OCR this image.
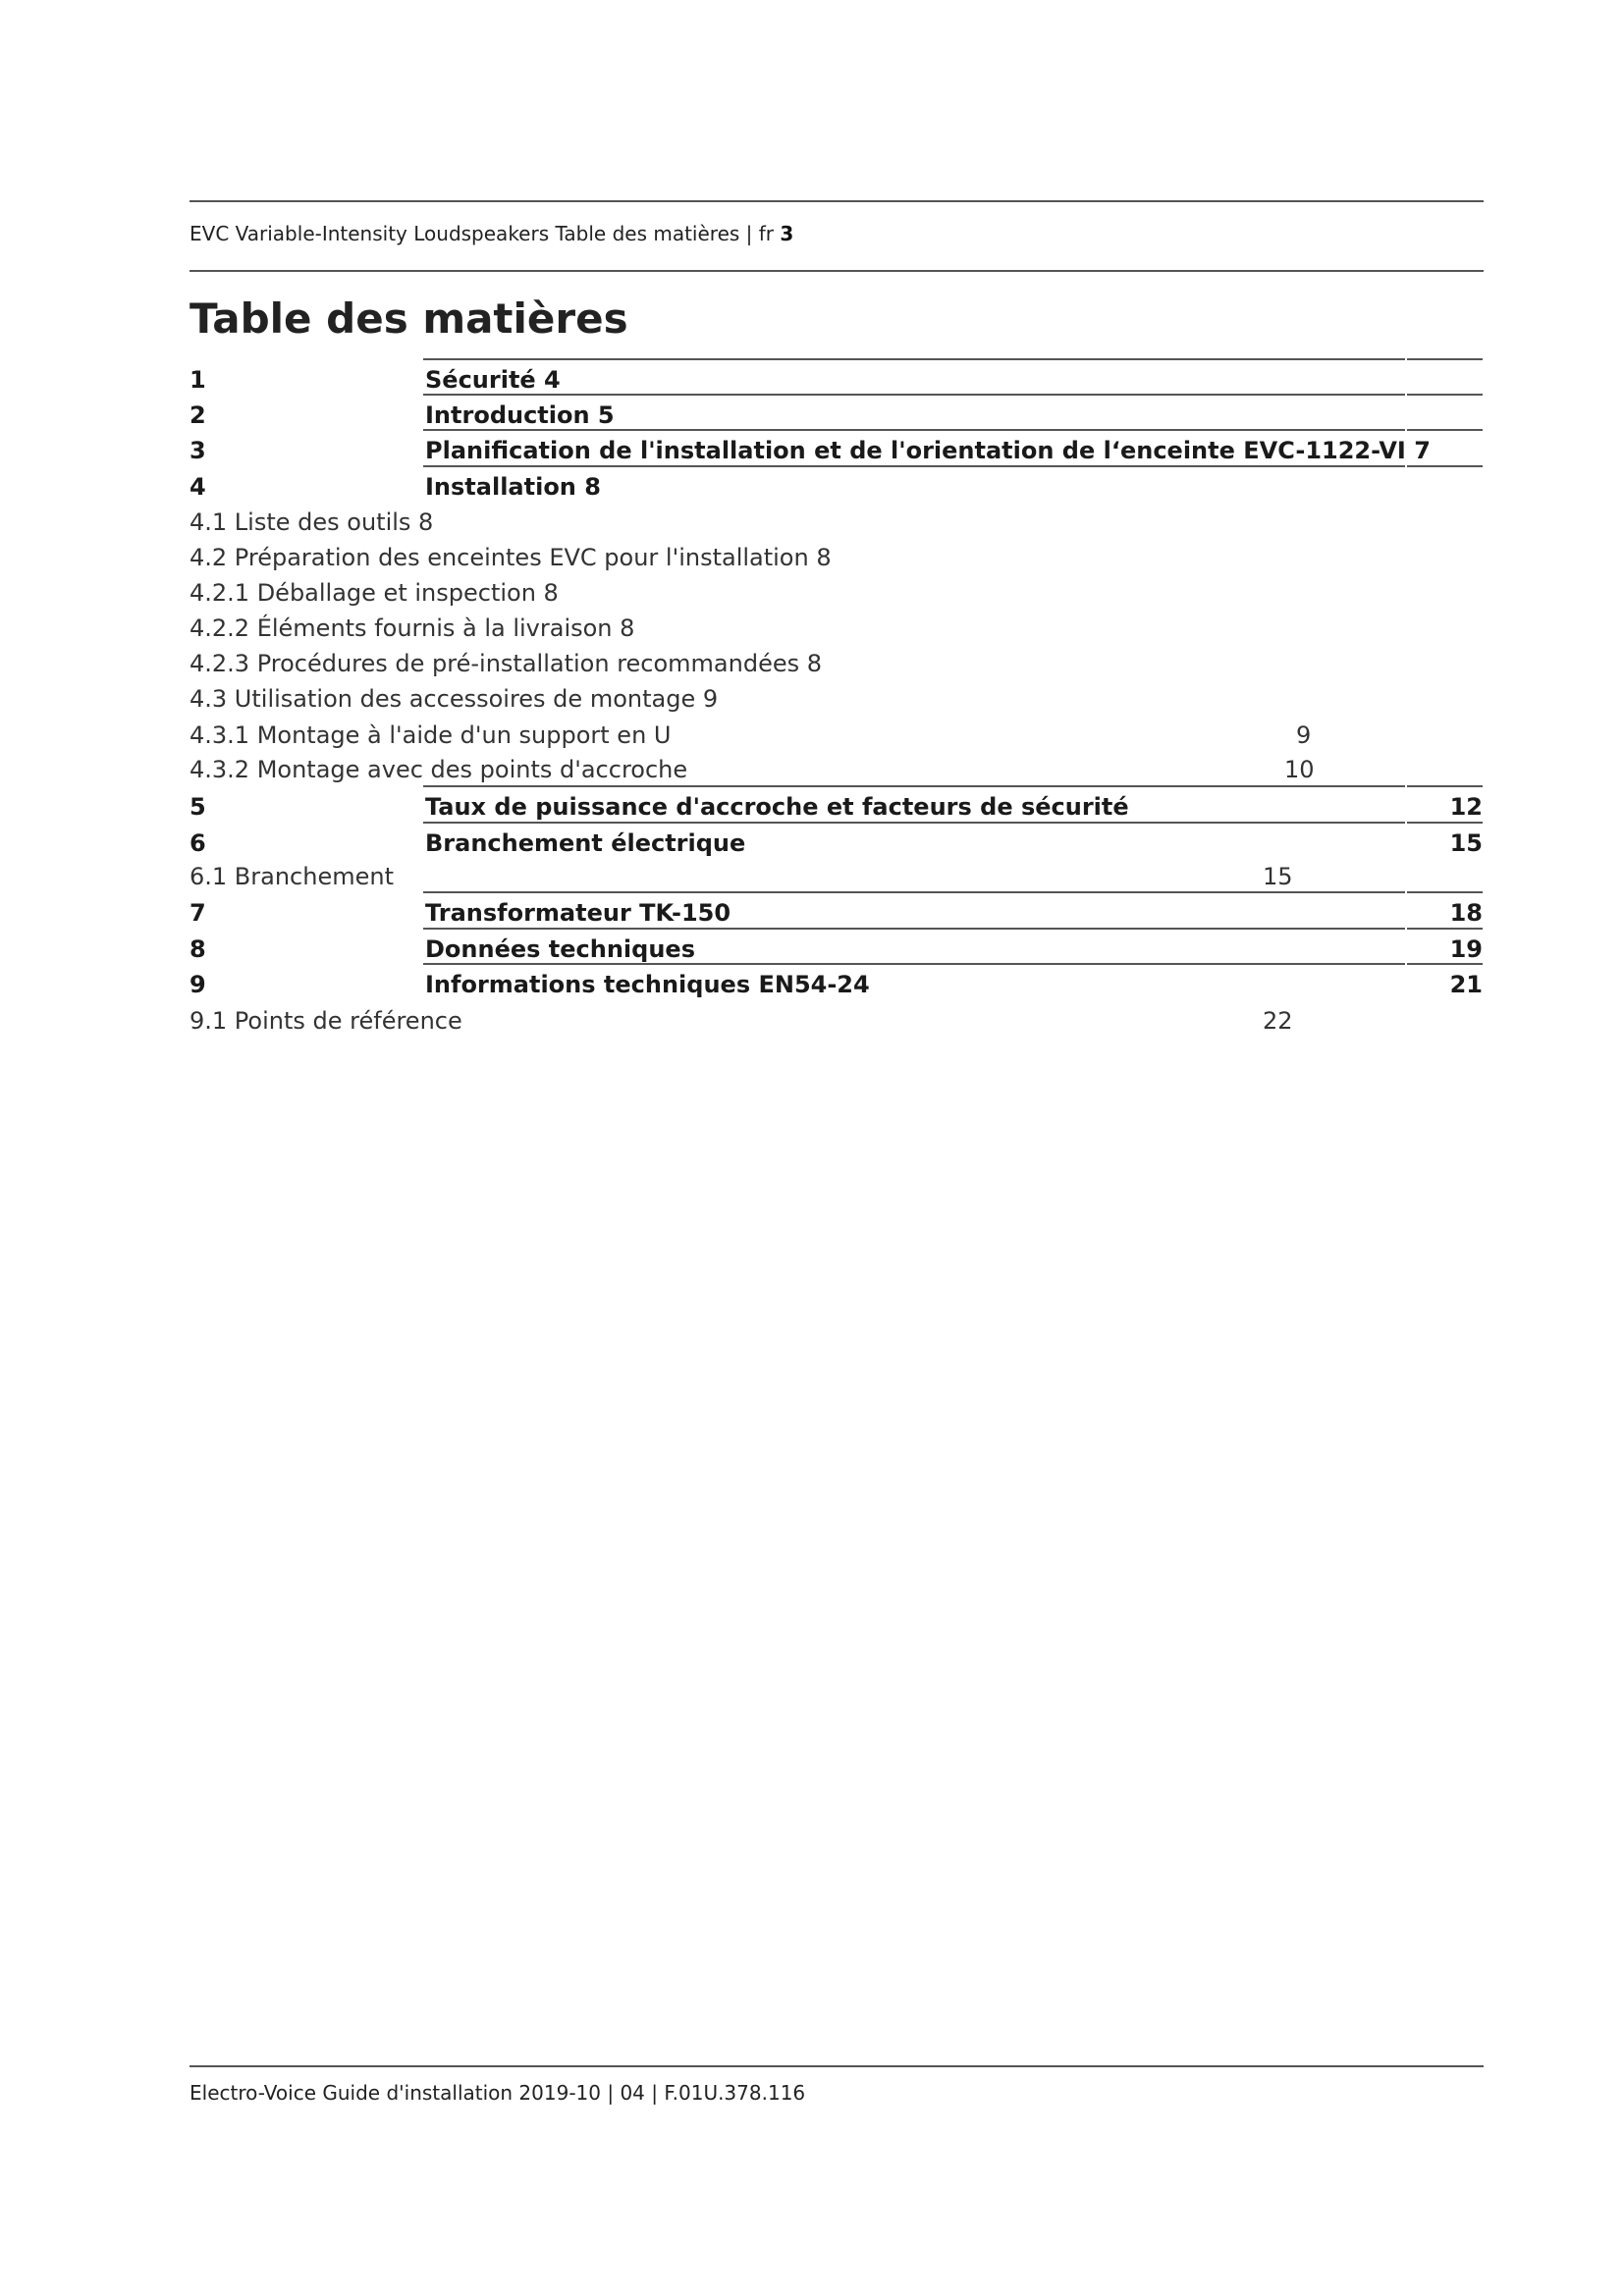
EVC Variable-Intensity Loudspeakers Table des matières | fr 3
Table des matières
1	Sécurité 4
2	Introduction 5
3	Planification de l'installation et de l'orientation de l‘enceinte EVC-1122-VI 7
4	Installation 8
4.1 Liste des outils 8
4.2 Préparation des enceintes EVC pour l'installation 8
4.2.1 Déballage et inspection 8
4.2.2 Éléments fournis à la livraison 8
4.2.3 Procédures de pré-installation recommandées 8
4.3 Utilisation des accessoires de montage 9
4.3.1 Montage à l'aide d'un support en U	9
4.3.2 Montage avec des points d'accroche	10
5	Taux de puissance d'accroche et facteurs de sécurité	12
6	Branchement électrique	15
6.1 Branchement	15
7	Transformateur TK-150	18
8	Données techniques	19
9	Informations techniques EN54-24	21
9.1 Points de référence	22
Electro-Voice Guide d'installation 2019-10 | 04 | F.01U.378.116
